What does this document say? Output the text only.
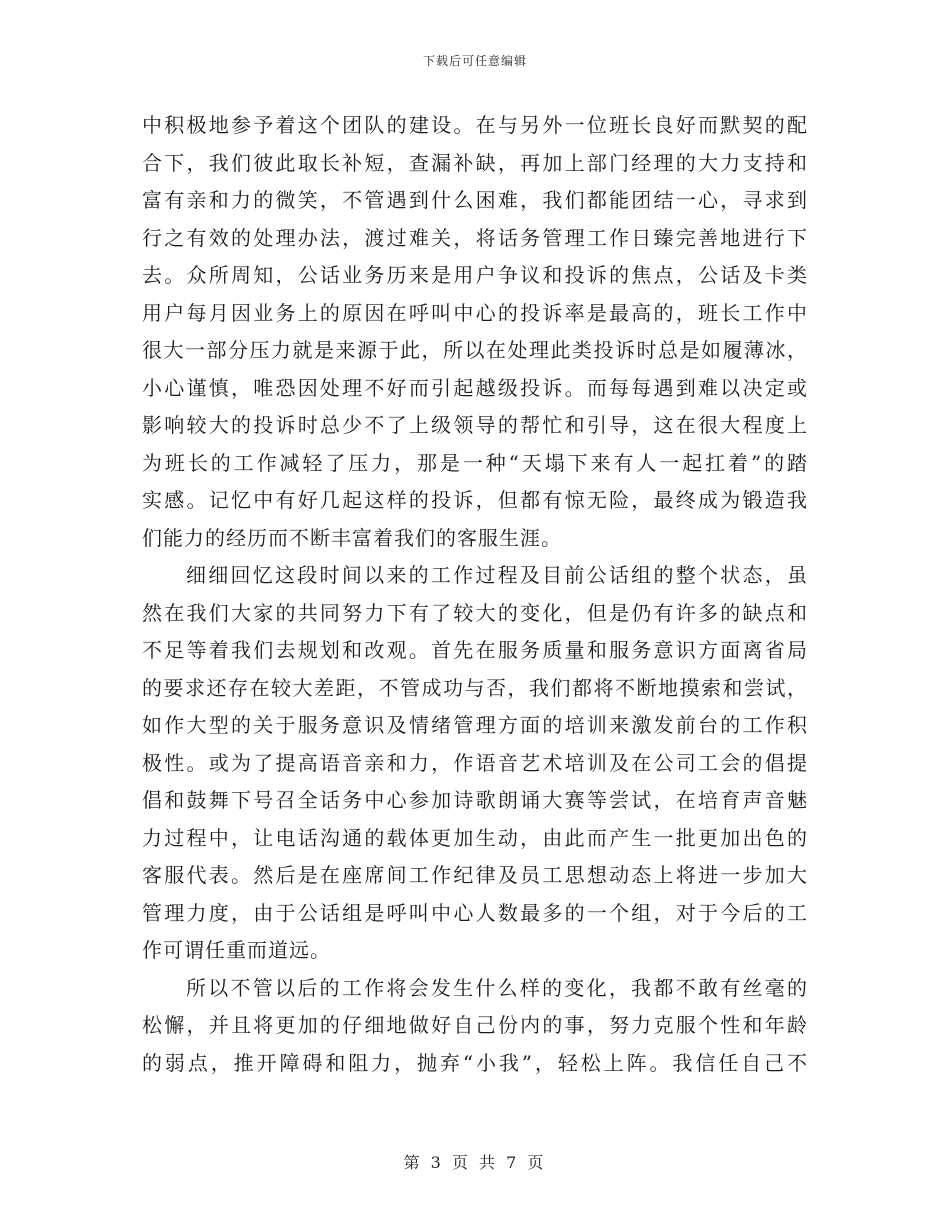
下载后可任意编辑
中积极地参予着这个团队的建设。在与另外一位班长良好而默契的配
合下，我们彼此取长补短，查漏补缺，再加上部门经理的大力支持和
富有亲和力的微笑，不管遇到什么困难，我们都能团结一心，寻求到
行之有效的处理办法，渡过难关，将话务管理工作日臻完善地进行下
去。众所周知，公话业务历来是用户争议和投诉的焦点，公话及卡类
用户每月因业务上的原因在呼叫中心的投诉率是最高的，班长工作中
很大一部分压力就是来源于此，所以在处理此类投诉时总是如履薄冰，
小心谨慎，唯恐因处理不好而引起越级投诉。而每每遇到难以决定或
影响较大的投诉时总少不了上级领导的帮忙和引导，这在很大程度上
为班长的工作减轻了压力，那是一种“天塌下来有人一起扛着”的踏
实感。记忆中有好几起这样的投诉，但都有惊无险，最终成为锻造我
们能力的经历而不断丰富着我们的客服生涯。
细细回忆这段时间以来的工作过程及目前公话组的整个状态，虽
然在我们大家的共同努力下有了较大的变化，但是仍有许多的缺点和
不足等着我们去规划和改观。首先在服务质量和服务意识方面离省局
的要求还存在较大差距，不管成功与否，我们都将不断地摸索和尝试，
如作大型的关于服务意识及情绪管理方面的培训来激发前台的工作积
极性。或为了提高语音亲和力，作语音艺术培训及在公司工会的倡提
倡和鼓舞下号召全话务中心参加诗歌朗诵大赛等尝试，在培育声音魅
力过程中，让电话沟通的载体更加生动，由此而产生一批更加出色的
客服代表。然后是在座席间工作纪律及员工思想动态上将进一步加大
管理力度，由于公话组是呼叫中心人数最多的一个组，对于今后的工
作可谓任重而道远。
所以不管以后的工作将会发生什么样的变化，我都不敢有丝毫的
松懈，并且将更加的仔细地做好自己份内的事，努力克服个性和年龄
的弱点，推开障碍和阻力，抛弃“小我”，轻松上阵。我信任自己不
第 3 页 共 7 页
